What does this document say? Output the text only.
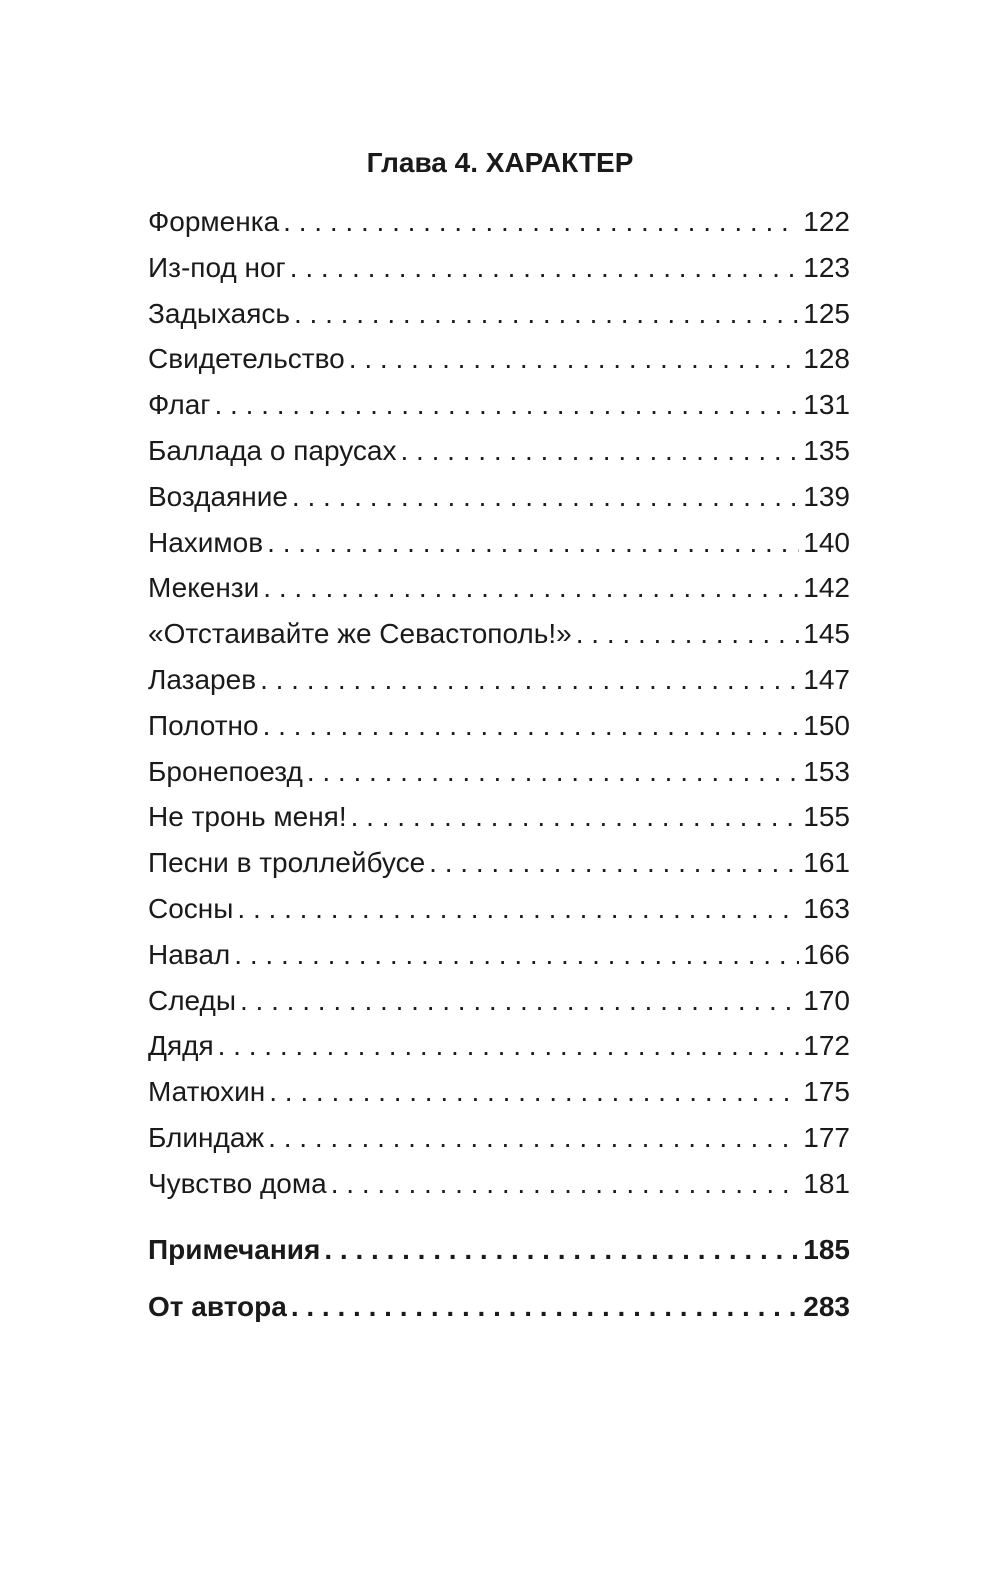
Глава 4. ХАРАКТЕР
Форменка . . .	122
Из-под ног . . .	123
Задыхаясь . . .	125
Свидетельство . . .	128
Флаг . . .	131
Баллада о парусах . . .	135
Воздаяние . . .	139
Нахимов . . .	140
Мекензи . . .	142
«Отстаивайте же Севастополь!» . . .	145
Лазарев . . .	147
Полотно . . .	150
Бронепоезд . . .	153
Не тронь меня! . . .	155
Песни в троллейбусе . . .	161
Сосны . . .	163
Навал . . .	166
Следы . . .	170
Дядя . . .	172
Матюхин . . .	175
Блиндаж . . .	177
Чувство дома . . .	181
Примечания . . .	185
От автора . . .	283
